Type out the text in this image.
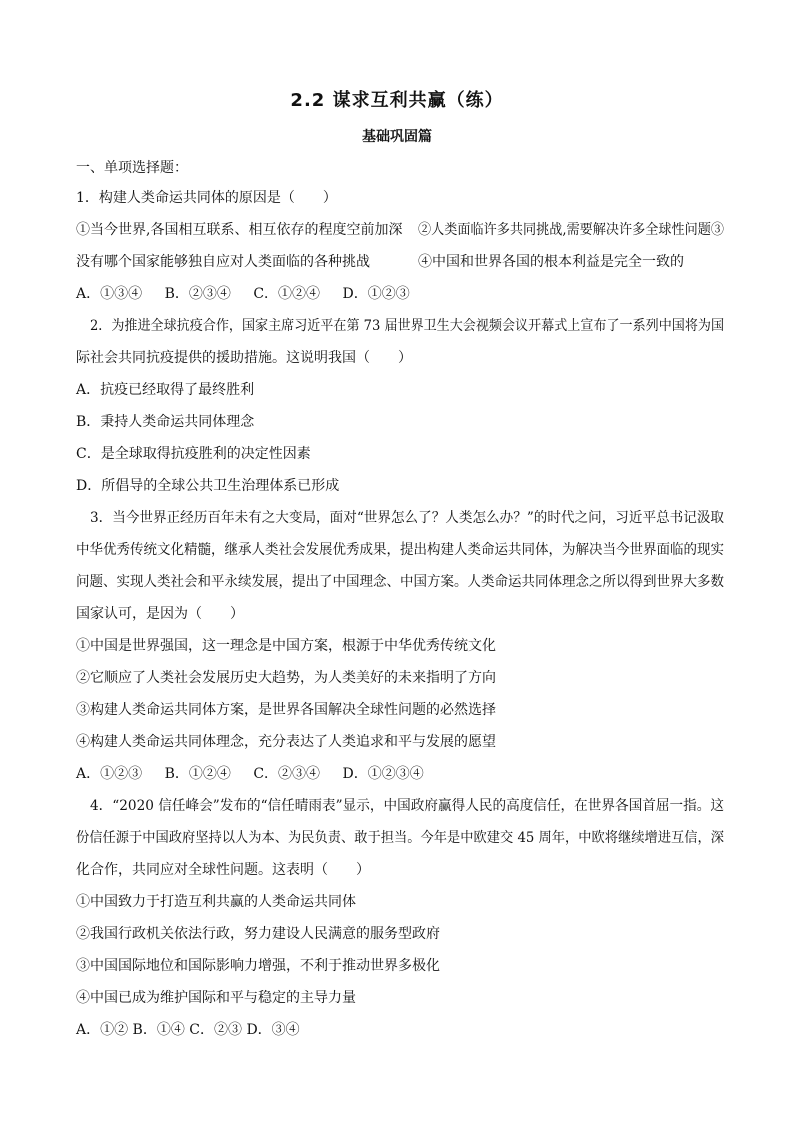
2.2 谋求互利共赢（练）
基础巩固篇
一、单项选择题：
1．构建人类命运共同体的原因是（　　）
①当今世界,各国相互联系、相互依存的程度空前加深 ②人类面临许多共同挑战,需要解决许多全球性问题③
没有哪个国家能够独自应对人类面临的各种挑战	④中国和世界各国的根本利益是完全一致的
A．①③④ B．②③④ C．①②④ D．①②③
2．为推进全球抗疫合作，国家主席习近平在第 73 届世界卫生大会视频会议开幕式上宣布了一系列中国将为国
际社会共同抗疫提供的援助措施。这说明我国（　　）
A．抗疫已经取得了最终胜利
B．秉持人类命运共同体理念
C．是全球取得抗疫胜利的决定性因素
D．所倡导的全球公共卫生治理体系已形成
3．当今世界正经历百年未有之大变局，面对“世界怎么了？人类怎么办？”的时代之问，习近平总书记汲取
中华优秀传统文化精髓，继承人类社会发展优秀成果，提出构建人类命运共同体，为解决当今世界面临的现实
问题、实现人类社会和平永续发展，提出了中国理念、中国方案。人类命运共同体理念之所以得到世界大多数
国家认可，是因为（　　）
①中国是世界强国，这一理念是中国方案，根源于中华优秀传统文化
②它顺应了人类社会发展历史大趋势，为人类美好的未来指明了方向
③构建人类命运共同体方案，是世界各国解决全球性问题的必然选择
④构建人类命运共同体理念，充分表达了人类追求和平与发展的愿望
A．①②③ B．①②④ C．②③④ D．①②③④
4．“2020 信任峰会”发布的“信任晴雨表”显示，中国政府赢得人民的高度信任，在世界各国首屈一指。这
份信任源于中国政府坚持以人为本、为民负责、敢于担当。今年是中欧建交 45 周年，中欧将继续增进互信，深
化合作，共同应对全球性问题。这表明（　　）
①中国致力于打造互利共赢的人类命运共同体
②我国行政机关依法行政，努力建设人民满意的服务型政府
③中国国际地位和国际影响力增强，不利于推动世界多极化
④中国已成为维护国际和平与稳定的主导力量
A．①② B．①④ C．②③ D．③④
